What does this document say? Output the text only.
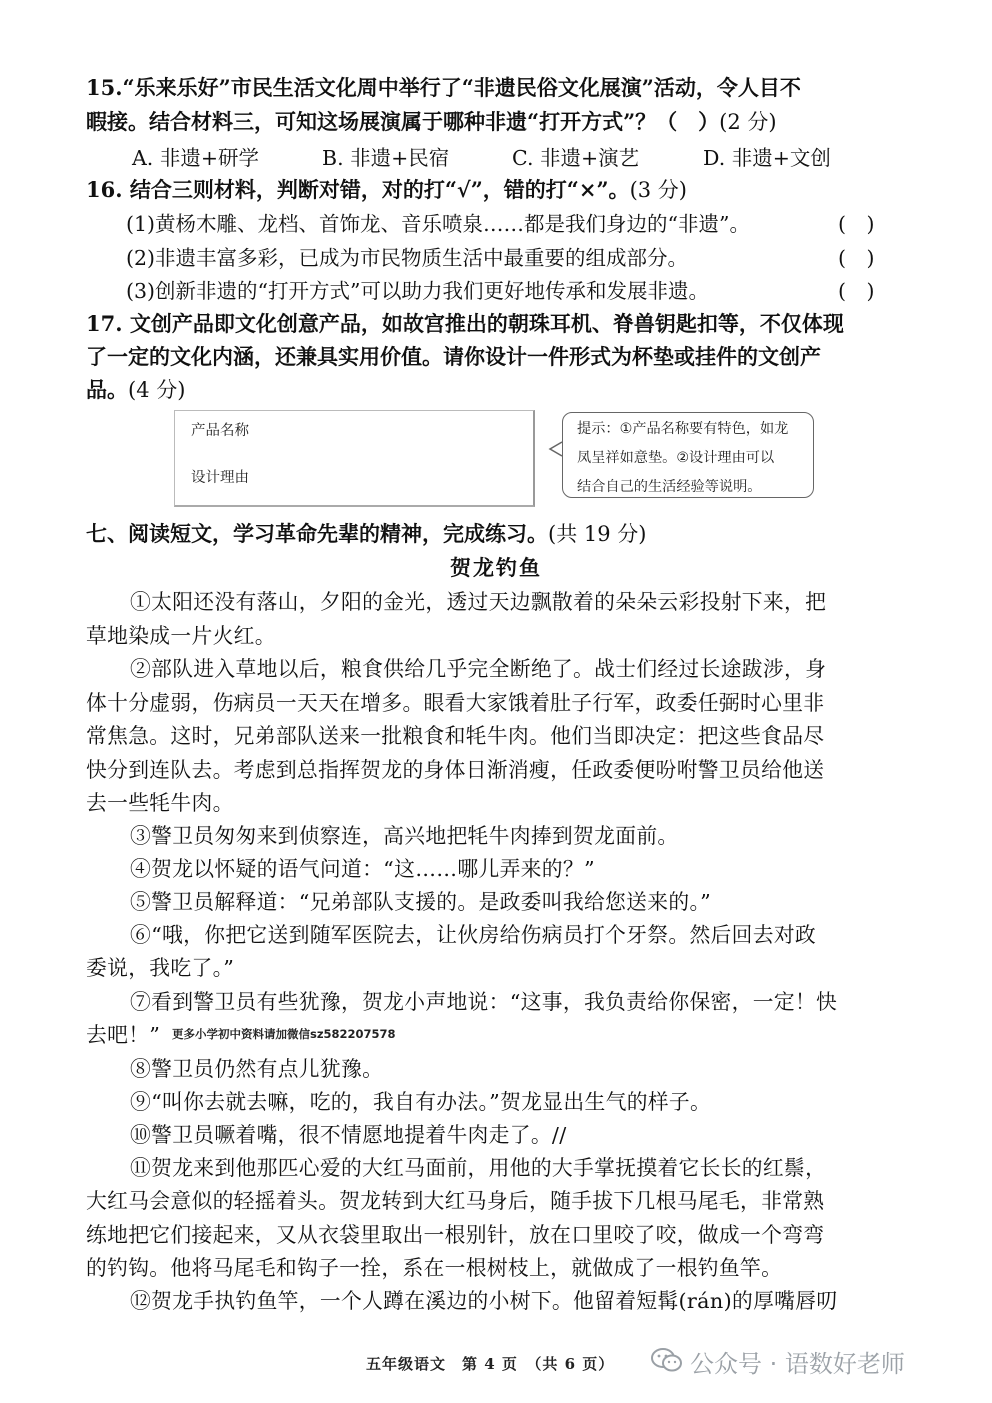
15.“乐来乐好”市民生活文化周中举行了“非遗民俗文化展演”活动，令人目不
暇接。结合材料三，可知这场展演属于哪种非遗“打开方式”？（　）(2 分)
A. 非遗+研学	B. 非遗+民宿	C. 非遗+演艺	D. 非遗+文创
16. 结合三则材料，判断对错，对的打“√”，错的打“×”。(3 分)
(1)黄杨木雕、龙档、首饰龙、音乐喷泉……都是我们身边的“非遗”。	(　)
(2)非遗丰富多彩，已成为市民物质生活中最重要的组成部分。	(　)
(3)创新非遗的“打开方式”可以助力我们更好地传承和发展非遗。	(　)
17. 文创产品即文化创意产品，如故宫推出的朝珠耳机、脊兽钥匙扣等，不仅体现
了一定的文化内涵，还兼具实用价值。请你设计一件形式为杯垫或挂件的文创产
品。(4 分)
产品名称
设计理由
提示：①产品名称要有特色，如龙
凤呈祥如意垫。②设计理由可以
结合自己的生活经验等说明。
七、阅读短文，学习革命先辈的精神，完成练习。(共 19 分)
贺龙钓鱼
①太阳还没有落山，夕阳的金光，透过天边飘散着的朵朵云彩投射下来，把
草地染成一片火红。
②部队进入草地以后，粮食供给几乎完全断绝了。战士们经过长途跋涉，身
体十分虚弱，伤病员一天天在增多。眼看大家饿着肚子行军，政委任弼时心里非
常焦急。这时，兄弟部队送来一批粮食和牦牛肉。他们当即决定：把这些食品尽
快分到连队去。考虑到总指挥贺龙的身体日渐消瘦，任政委便吩咐警卫员给他送
去一些牦牛肉。
③警卫员匆匆来到侦察连，高兴地把牦牛肉捧到贺龙面前。
④贺龙以怀疑的语气问道：“这……哪儿弄来的？”
⑤警卫员解释道：“兄弟部队支援的。是政委叫我给您送来的。”
⑥“哦，你把它送到随军医院去，让伙房给伤病员打个牙祭。然后回去对政
委说，我吃了。”
⑦看到警卫员有些犹豫，贺龙小声地说：“这事，我负责给你保密，一定！快
去吧！” 更多小学初中资料请加微信sz582207578
⑧警卫员仍然有点儿犹豫。
⑨“叫你去就去嘛，吃的，我自有办法。”贺龙显出生气的样子。
⑩警卫员噘着嘴，很不情愿地提着牛肉走了。//
⑪贺龙来到他那匹心爱的大红马面前，用他的大手掌抚摸着它长长的红鬃，
大红马会意似的轻摇着头。贺龙转到大红马身后，随手拔下几根马尾毛，非常熟
练地把它们接起来，又从衣袋里取出一根别针，放在口里咬了咬，做成一个弯弯
的钓钩。他将马尾毛和钩子一拴，系在一根树枝上，就做成了一根钓鱼竿。
⑫贺龙手执钓鱼竿，一个人蹲在溪边的小树下。他留着短髯(rán)的厚嘴唇叨
五年级语文　第 4 页　（共 6 页）	公众号 · 语数好老师
